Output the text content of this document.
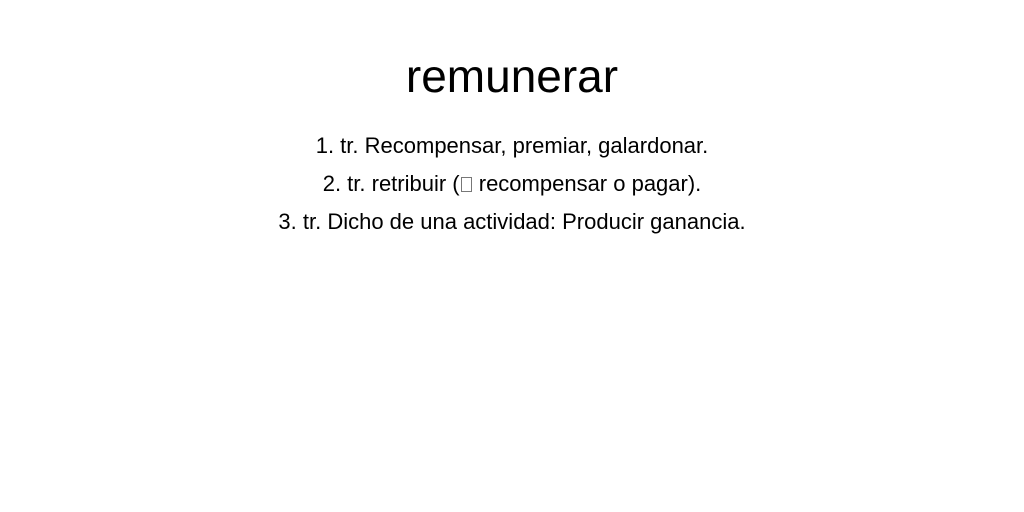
remunerar
1. tr. Recompensar, premiar, galardonar.
2. tr. retribuir ( recompensar o pagar).
3. tr. Dicho de una actividad: Producir ganancia.
